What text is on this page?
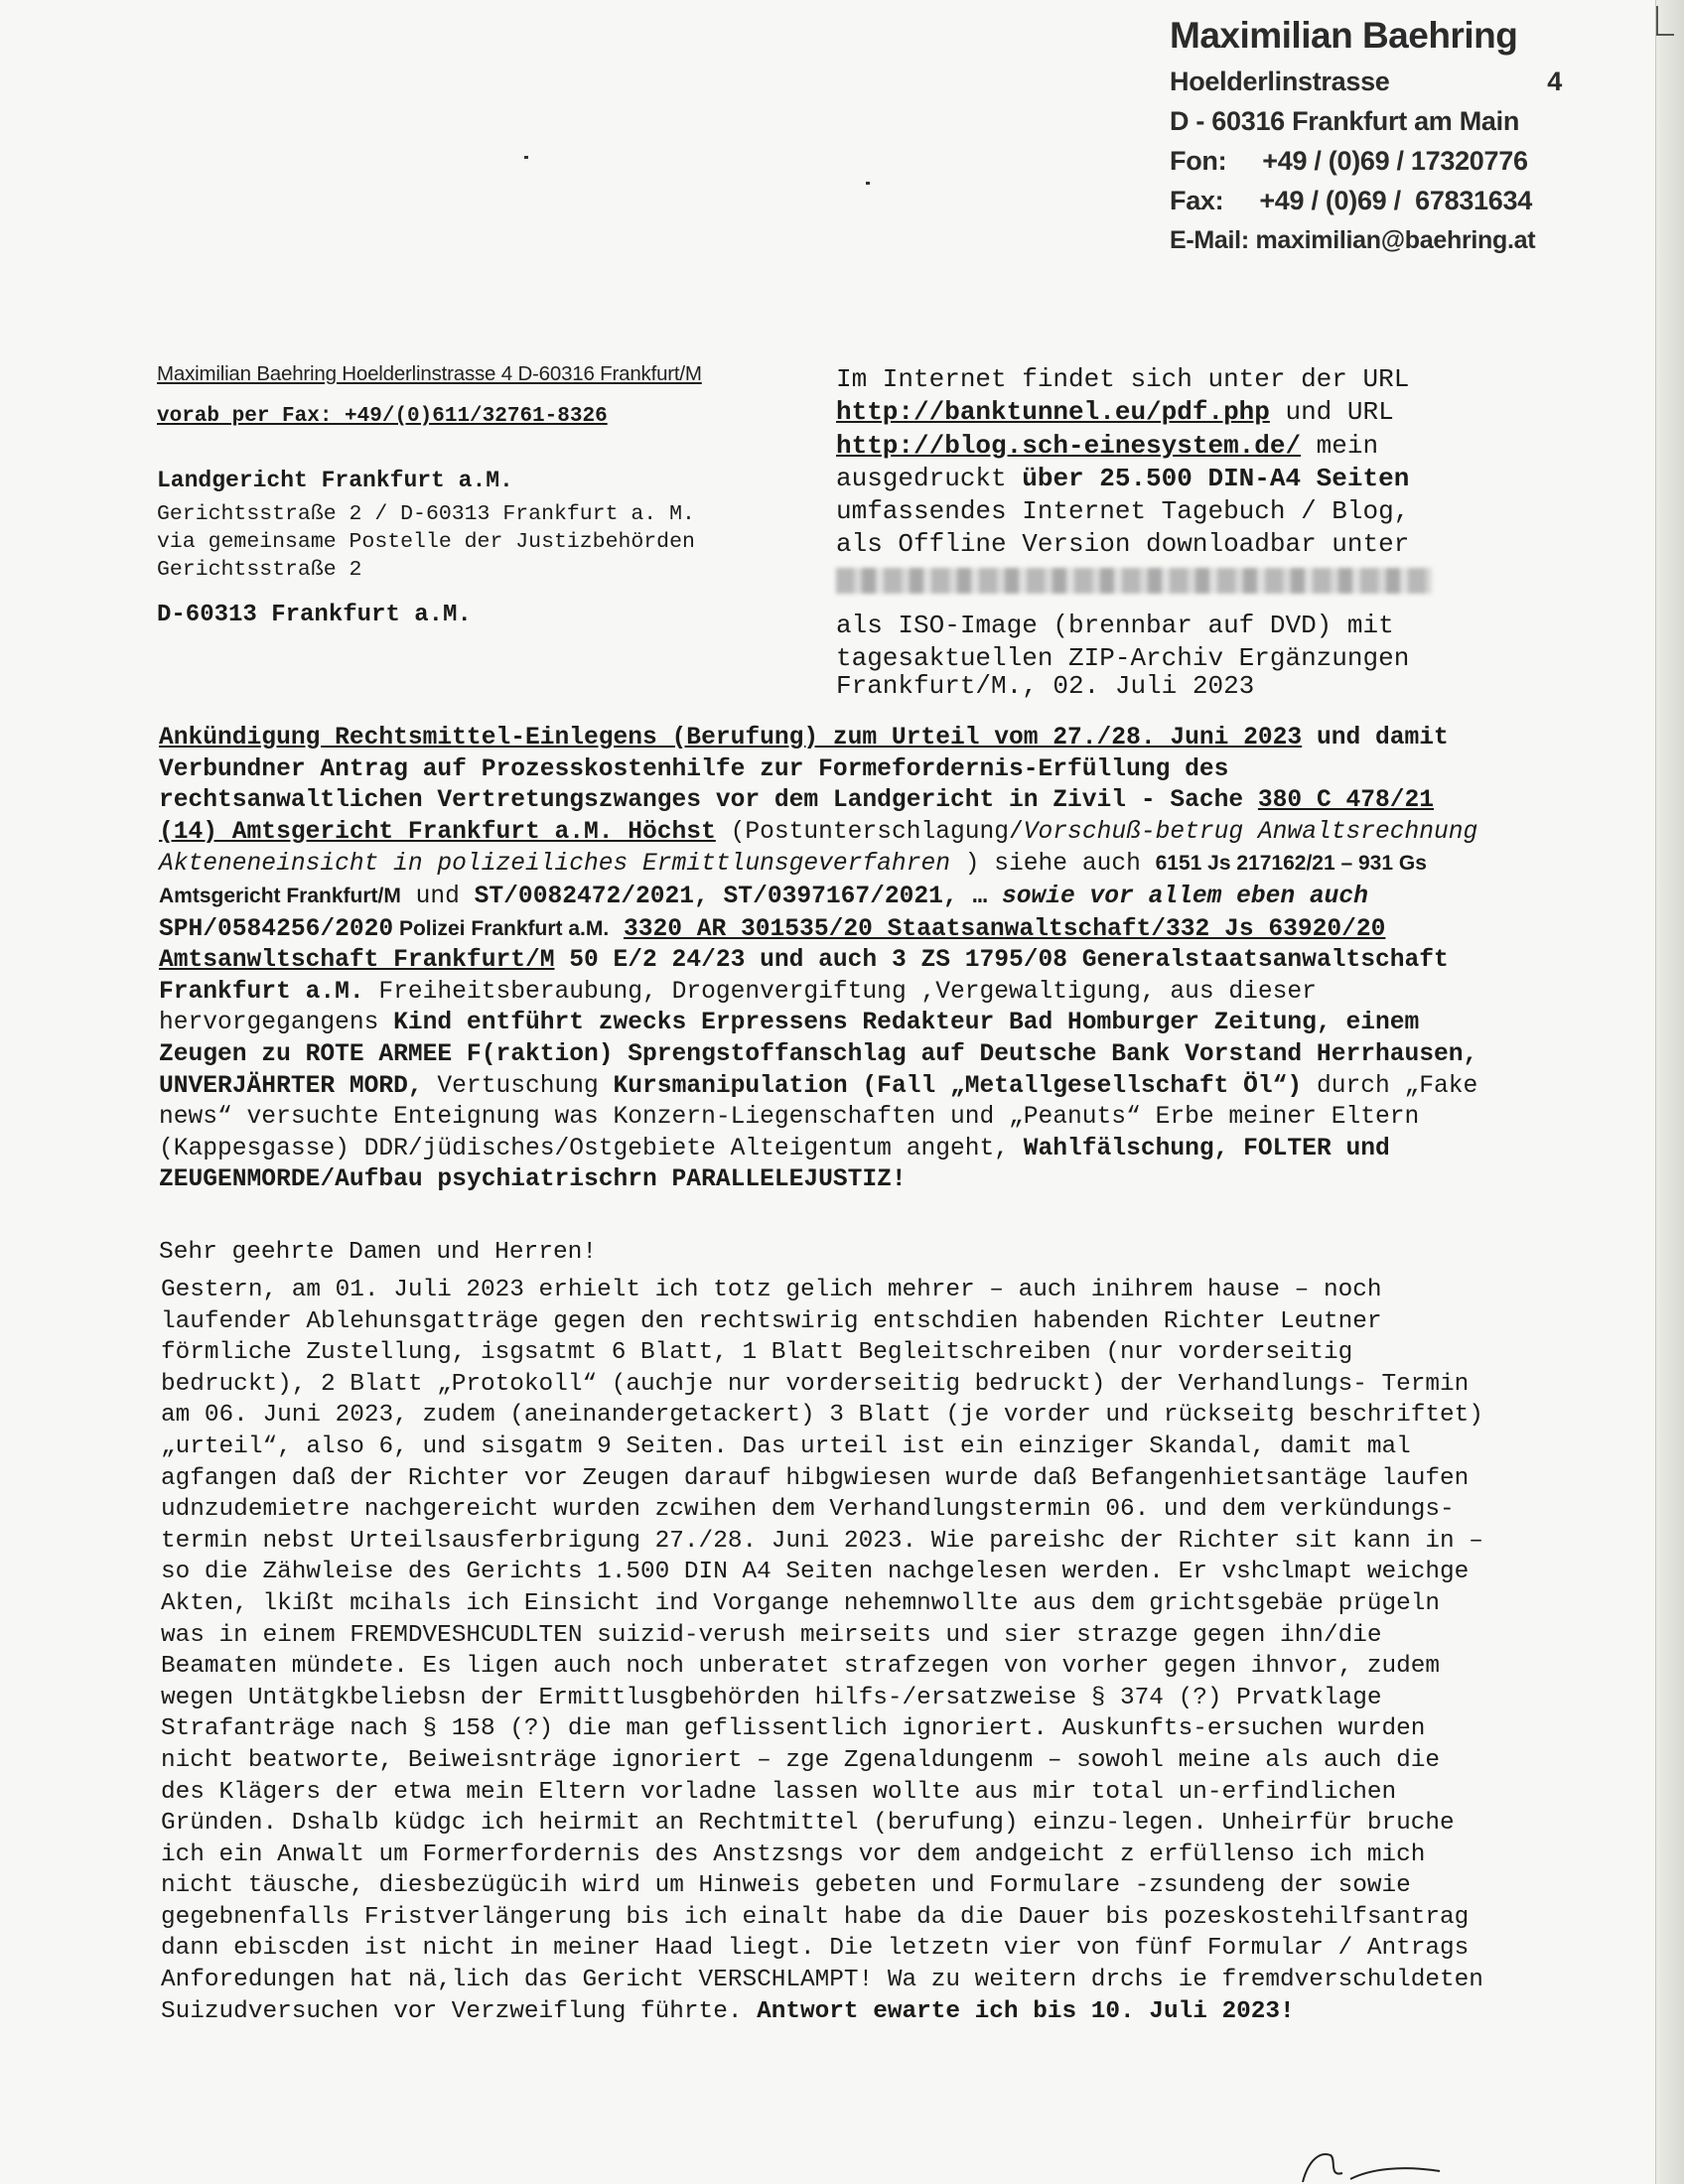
Maximilian Baehring
Hoelderlinstrasse	4
D - 60316 Frankfurt am Main
Fon: +49 / (0)69 / 17320776
Fax: +49 / (0)69 /  67831634
E-Mail: maximilian@baehring.at
Maximilian Baehring Hoelderlinstrasse 4 D-60316 Frankfurt/M
vorab per Fax: +49/(0)611/32761-8326
Landgericht Frankfurt a.M.
Gerichtsstraße 2 / D-60313 Frankfurt a. M.
via gemeinsame Postelle der Justizbehörden
Gerichtsstraße 2
D-60313 Frankfurt a.M.
Im Internet findet sich unter der URL
http://banktunnel.eu/pdf.php und URL
http://blog.sch-einesystem.de/ mein
ausgedruckt über 25.500 DIN-A4 Seiten
umfassendes Internet Tagebuch / Blog,
als Offline Version downloadbar unter
als ISO-Image (brennbar auf DVD) mit
tagesaktuellen ZIP-Archiv Ergänzungen
Frankfurt/M., 02. Juli 2023
Ankündigung Rechtsmittel-Einlegens (Berufung) zum Urteil vom 27./28. Juni 2023 und damit Verbundner Antrag auf Prozesskostenhilfe zur Formefordernis-Erfüllung des rechtsanwaltlichen Vertretungszwanges vor dem Landgericht in Zivil - Sache 380 C 478/21 (14) Amtsgericht Frankfurt a.M. Höchst (Postunterschlagung/Vorschuß-betrug Anwaltsrechnung Akteneneinsicht in polizeiliches Ermittlunsgeverfahren ) siehe auch 6151 Js 217162/21 – 931 Gs Amtsgericht Frankfurt/M und ST/0082472/2021, ST/0397167/2021, … sowie vor allem eben auch SPH/0584256/2020 Polizei Frankfurt a.M. 3320 AR 301535/20 Staatsanwaltschaft/332 Js 63920/20 Amtsanwltschaft Frankfurt/M 50 E/2 24/23 und auch 3 ZS 1795/08 Generalstaatsanwaltschaft Frankfurt a.M. Freiheitsberaubung, Drogenvergiftung ,Vergewaltigung, aus dieser hervorgegangens Kind entführt zwecks Erpressens Redakteur Bad Homburger Zeitung, einem Zeugen zu ROTE ARMEE F(raktion) Sprengstoffanschlag auf Deutsche Bank Vorstand Herrhausen, UNVERJÄHRTER MORD, Vertuschung Kursmanipulation (Fall „Metallgesellschaft Öl“) durch „Fake news“ versuchte Enteignung was Konzern-Liegenschaften und „Peanuts“ Erbe meiner Eltern (Kappesgasse) DDR/jüdisches/Ostgebiete Alteigentum angeht, Wahlfälschung, FOLTER und ZEUGENMORDE/Aufbau psychiatrischrn PARALLELEJUSTIZ!
Sehr geehrte Damen und Herren!
Gestern, am 01. Juli 2023 erhielt ich totz gelich mehrer – auch inihrem hause – noch laufender Ablehunsgatträge gegen den rechtswirig entschdien habenden Richter Leutner förmliche Zustellung, isgsatmt 6 Blatt, 1 Blatt Begleitschreiben (nur vorderseitig bedruckt), 2 Blatt „Protokoll“ (auchje nur vorderseitig bedruckt) der Verhandlungs- Termin am 06. Juni 2023, zudem (aneinandergetackert) 3 Blatt (je vorder und rückseitg beschriftet) „urteil“, also 6, und sisgatm 9 Seiten. Das urteil ist ein einziger Skandal, damit mal agfangen daß der Richter vor Zeugen darauf hibgwiesen wurde daß Befangenhietsantäge laufen udnzudemietre nachgereicht wurden zcwihen dem Verhandlungstermin 06. und dem verkündungs-termin nebst Urteilsausferbrigung 27./28. Juni 2023. Wie pareishc der Richter sit kann in – so die Zähwleise des Gerichts 1.500 DIN A4 Seiten nachgelesen werden. Er vshclmapt weichge Akten, lkißt mcihals ich Einsicht ind Vorgange nehemnwollte aus dem grichtsgebäe prügeln was in einem FREMDVESHCUDLTEN suizid-verush meirseits und sier strazge gegen ihn/die Beamaten mündete. Es ligen auch noch unberatet strafzegen von vorher gegen ihnvor, zudem wegen Untätgkbeliebsn der Ermittlusgbehörden hilfs-/ersatzweise § 374 (?) Prvatklage Strafanträge nach § 158 (?) die man geflissentlich ignoriert. Auskunfts-ersuchen wurden nicht beatworte, Beiweisnträge ignoriert – zge Zgenaldungenm – sowohl meine als auch die des Klägers der etwa mein Eltern vorladne lassen wollte aus mir total un-erfindlichen Gründen. Dshalb küdgc ich heirmit an Rechtmittel (berufung) einzu-legen. Unheirfür bruche ich ein Anwalt um Formerfordernis des Anstzsngs vor dem andgeicht z erfüllenso ich mich nicht täusche, diesbezügücih wird um Hinweis gebeten und Formulare -zsundeng der sowie gegebnenfalls Fristverlängerung bis ich einalt habe da die Dauer bis pozeskostehilfsantrag dann ebiscden ist nicht in meiner Haad liegt. Die letzetn vier von fünf Formular / Antrags Anforedungen hat nä,lich das Gericht VERSCHLAMPT! Wa zu weitern drchs ie fremdverschuldeten Suizudversuchen vor Verzweiflung führte. Antwort ewarte ich bis 10. Juli 2023!
